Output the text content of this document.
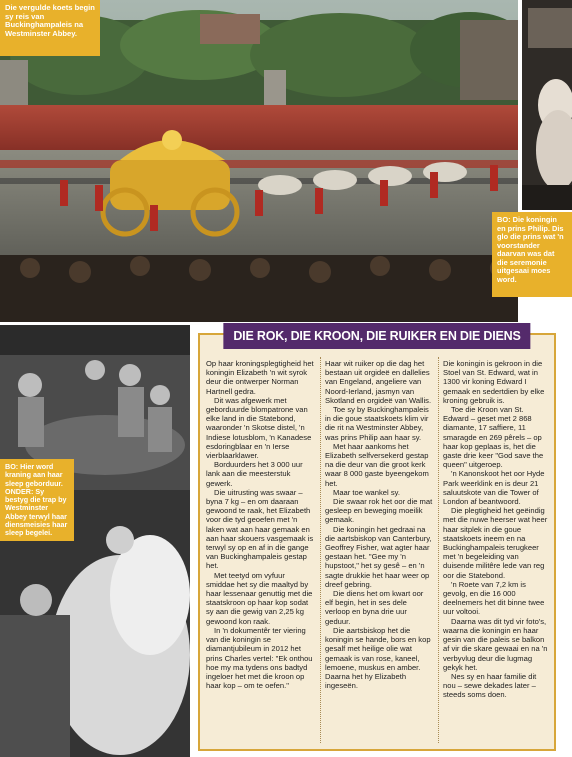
Die vergulde koets begin sy reis van Buckinghampaleis na Westminster Abbey.
BO: Die koningin en prins Philip. Dis glo die prins wat 'n voorstander daarvan was dat die seremonie uitgesaai moes word.
BO: Hier word kraning aan haar sleep geborduur. ONDER: Sy bestyg die trap by Westminster Abbey terwyl haar diensmeisies haar sleep begelei.
DIE ROK, DIE KROON, DIE RUIKER EN DIE DIENS

Op haar kroningsplegtigheid het koningin Elizabeth 'n wit syrok deur die ontwerper Norman Hartnell gedra.

Dit was afgewerk met geborduurde blompatrone van elke land in die Statebond, waaronder 'n Skotse distel, 'n Indiese lotusblom, 'n Kanadese esdoringblaar en 'n Ierse vierblaarklawer.

Borduurders het 3 000 uur lank aan die meesterstuk gewerk.

Die uitrusting was swaar – byna 7 kg – en om daaraan gewoond te raak, het Elizabeth voor die tyd geoefen met 'n laken wat aan haar gemaak en aan haar skouers vasgemaak is terwyl sy op en af in die gange van Buckinghampaleis gestap het.

Met teetyd om vyfuur smiddae het sy die maaltyd by haar lessenaar genuttig met die staatskroon op haar kop sodat sy aan die gewig van 2,25 kg gewoond kon raak.

In 'n dokumentêr ter viering van die koningin se diamantjubileum in 2012 het prins Charles vertel: "Ek onthou hoe my ma tydens ons badtyd ingeloer het met die kroon op haar kop – om te oefen."

Haar wit ruiker op die dag het bestaan uit orgideë en dallelies van Engeland, angeliere van Noord-Ierland, jasmyn van Skotland en orgideë van Wallis.

Toe sy by Buckinghampaleis in die goue staatskoets klim vir die rit na Westminster Abbey, was prins Philip aan haar sy.

Met haar aankoms het Elizabeth selfversekerd gestap na die deur van die groot kerk waar 8 000 gaste byeengekom het.

Maar toe wankel sy.

Die swaar rok het oor die mat gesleep en beweging moeilik gemaak.

Die koningin het gedraai na die aartsbiskop van Canterbury, Geoffrey Fisher, wat agter haar gestaan het. "Gee my 'n hupstoot," het sy gesê – en 'n sagte drukkie het haar weer op dreef gebring.

Die diens het om kwart oor elf begin, het in ses dele verloop en byna drie uur geduur.

Die aartsbiskop het die koningin se hande, bors en kop gesalf met heilige olie wat gemaak is van rose, kaneel, lemoene, muskus en amber. Daarna het hy Elizabeth ingeseën.

Die koningin is gekroon in die Stoel van St. Edward, wat in 1300 vir koning Edward I gemaak en sedertdien by elke kroning gebruik is.

Toe die Kroon van St. Edward – geset met 2 868 diamante, 17 saffiere, 11 smaragde en 269 pêrels – op haar kop geplaas is, het die gaste drie keer "God save the queen" uitgeroep.

'n Kanonskoot het oor Hyde Park weerklink en is deur 21 saluutskote van die Tower of London af beantwoord.

Die plegtigheid het geëindig met die nuwe heerser wat heer haar sitplek in die goue staatskoets ineem en na Buckinghampaleis terugkeer met 'n begeleiding van duisende militêre lede van reg oor die Statebond.

'n Roete van 7,2 km is gevolg, en die 16 000 deelnemers het dit binne twee uur voltooi.

Daarna was dit tyd vir foto's, waarna die koningin en haar gesin van die paleis se balkon af vir die skare gewaai en na 'n verbyvlug deur die lugmag gekyk het.

Nes sy en haar familie dit nou – sewe dekades later – steeds soms doen.
